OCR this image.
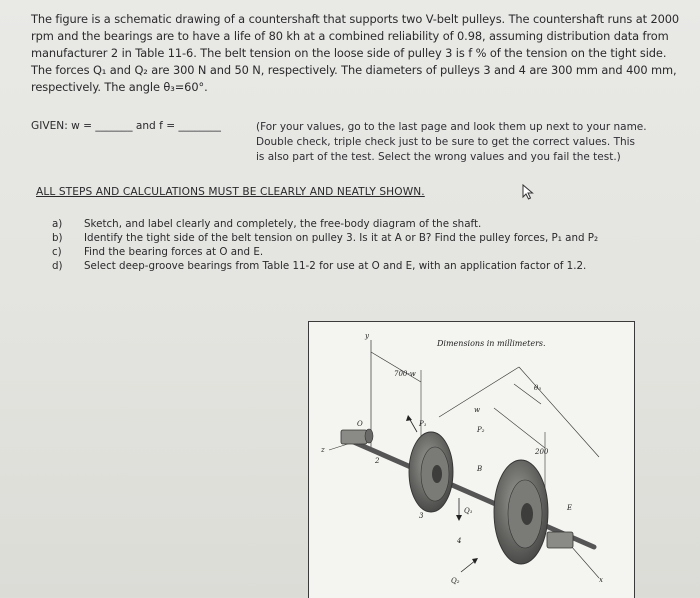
The figure is a schematic drawing of a countershaft that supports two V-belt pulleys. The countershaft runs at 2000
rpm and the bearings are to have a life of 80 kh at a combined reliability of 0.98, assuming distribution data from
manufacturer 2 in Table 11-6. The belt tension on the loose side of pulley 3 is f % of the tension on the tight side.
The forces Q₁ and Q₂ are 300 N and 50 N, respectively. The diameters of pulleys 3 and 4 are 300 mm and 400 mm,
respectively. The angle θ₃=60°.
GIVEN: w = _______ and f = ________	(For your values, go to the last page and look them up next to your name.
Double check, triple check just to be sure to get the correct values. This
is also part of the test. Select the wrong values and you fail the test.)
ALL STEPS AND CALCULATIONS MUST BE CLEARLY AND NEATLY SHOWN.
a)	Sketch, and label clearly and completely, the free-body diagram of the shaft.
b)	Identify the tight side of the belt tension on pulley 3. Is it at A or B? Find the pulley forces, P₁ and P₂
c)	Find the bearing forces at O and E.
d)	Select deep-groove bearings from Table 11-2 for use at O and E, with an application factor of 1.2.
Dimensions in millimeters.
700-w
200
w
θ₃
O
y
z
x
2
3
4
P₁
P₂
B
E
Q₁
Q₂
